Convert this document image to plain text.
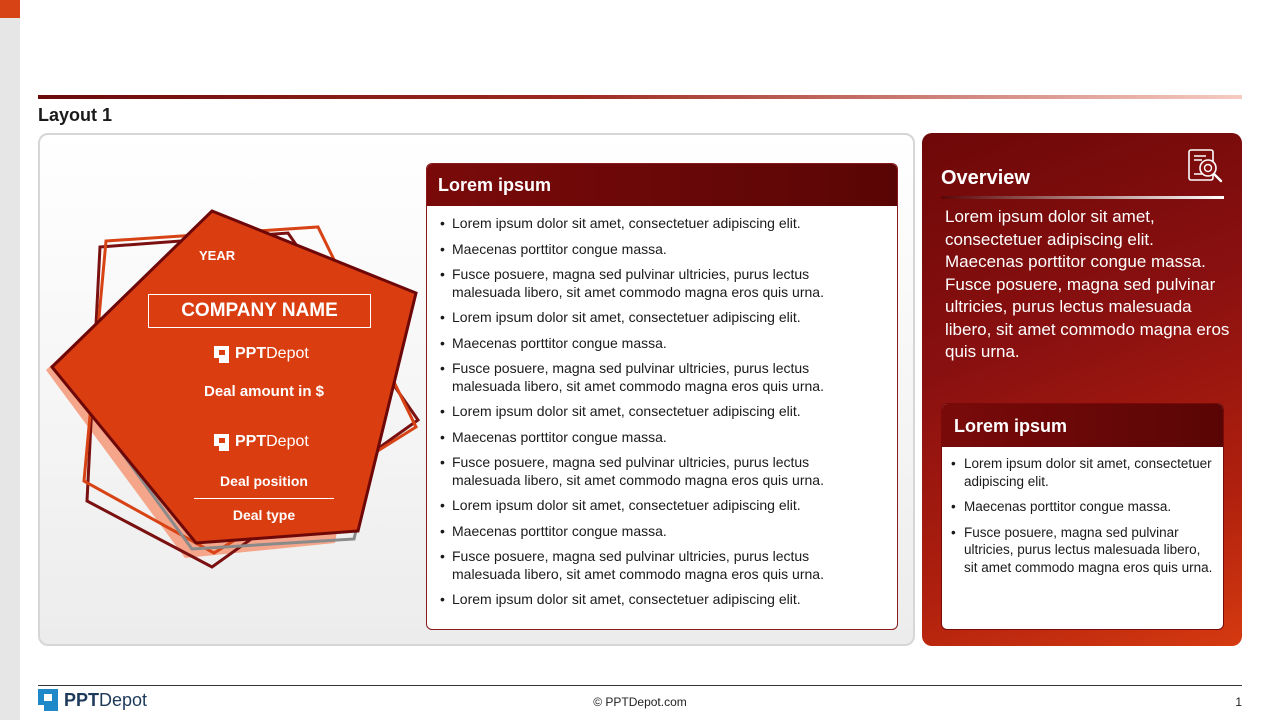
Layout 1
YEAR
COMPANY NAME
PPT Depot
Deal amount in $
PPT Depot
Deal position
Deal type
Lorem ipsum
• Lorem ipsum dolor sit amet, consectetuer adipiscing elit.
• Maecenas porttitor congue massa.
• Fusce posuere, magna sed pulvinar ultricies, purus lectus malesuada libero, sit amet commodo magna eros quis urna.
• Lorem ipsum dolor sit amet, consectetuer adipiscing elit.
• Maecenas porttitor congue massa.
• Fusce posuere, magna sed pulvinar ultricies, purus lectus malesuada libero, sit amet commodo magna eros quis urna.
• Lorem ipsum dolor sit amet, consectetuer adipiscing elit.
• Maecenas porttitor congue massa.
• Fusce posuere, magna sed pulvinar ultricies, purus lectus malesuada libero, sit amet commodo magna eros quis urna.
• Lorem ipsum dolor sit amet, consectetuer adipiscing elit.
• Maecenas porttitor congue massa.
• Fusce posuere, magna sed pulvinar ultricies, purus lectus malesuada libero, sit amet commodo magna eros quis urna.
• Lorem ipsum dolor sit amet, consectetuer adipiscing elit.
Overview
Lorem ipsum dolor sit amet, consectetuer adipiscing elit. Maecenas porttitor congue massa. Fusce posuere, magna sed pulvinar ultricies, purus lectus malesuada libero, sit amet commodo magna eros quis urna.
Lorem ipsum
• Lorem ipsum dolor sit amet, consectetuer adipiscing elit.
• Maecenas porttitor congue massa.
• Fusce posuere, magna sed pulvinar ultricies, purus lectus malesuada libero, sit amet commodo magna eros quis urna.
PPTDepot	© PPTDepot.com	1
